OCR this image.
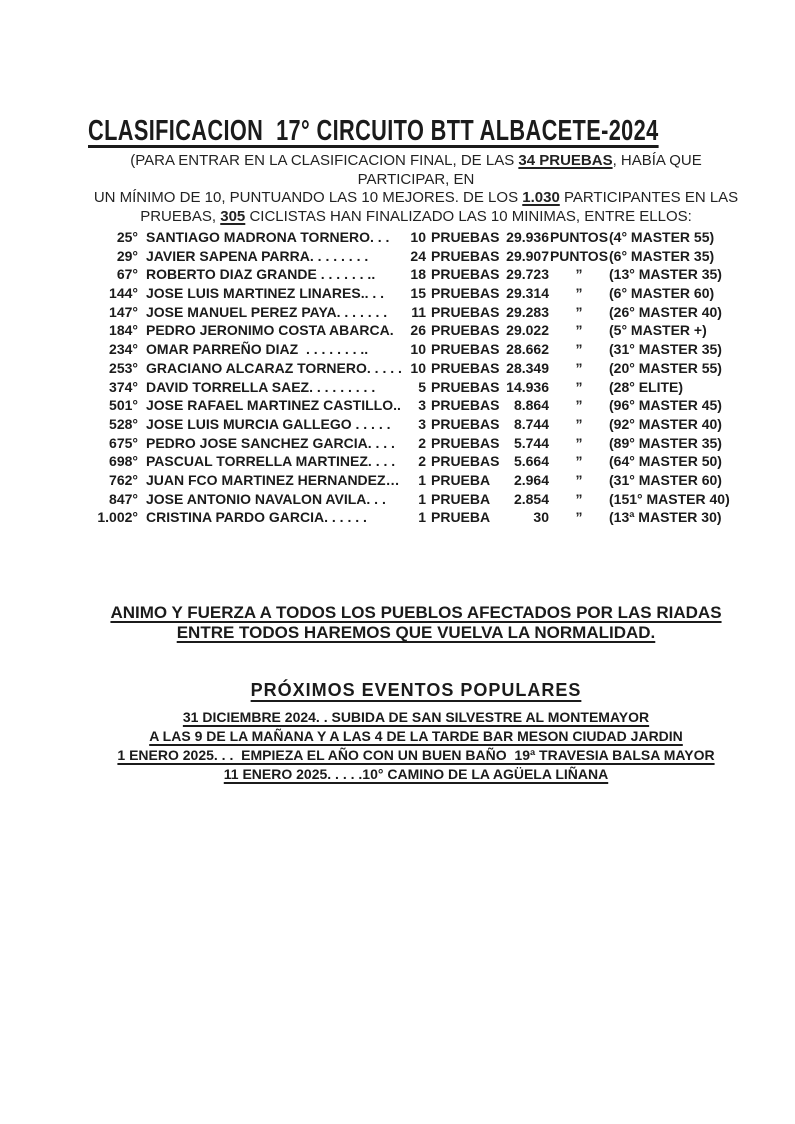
CLASIFICACION  17° CIRCUITO BTT ALBACETE-2024
(PARA ENTRAR EN LA CLASIFICACION FINAL, DE LAS 34 PRUEBAS, HABÍA QUE PARTICIPAR, EN
UN MÍNIMO DE 10, PUNTUANDO LAS 10 MEJORES. DE LOS 1.030 PARTICIPANTES EN LAS
PRUEBAS, 305 CICLISTAS HAN FINALIZADO LAS 10 MINIMAS, ENTRE ELLOS:
25° SANTIAGO MADRONA TORNERO. . .	10 PRUEBAS 29.936 PUNTOS (4° MASTER 55)
29° JAVIER SAPENA PARRA. . . . . . . .	24 PRUEBAS 29.907 PUNTOS (6° MASTER 35)
67° ROBERTO DIAZ GRANDE . . . . . . ..	18 PRUEBAS 29.723	”	(13° MASTER 35)
144° JOSE LUIS MARTINEZ LINARES.. . .	15 PRUEBAS 29.314	”	(6° MASTER 60)
147° JOSE MANUEL PEREZ PAYA. . . . . . .	11 PRUEBAS 29.283	”	(26° MASTER 40)
184° PEDRO JERONIMO COSTA ABARCA. 26 PRUEBAS 29.022	”	(5° MASTER +)
234° OMAR PARREÑO DIAZ  . . . . . . . ..	10 PRUEBAS 28.662	”	(31° MASTER 35)
253° GRACIANO ALCARAZ TORNERO. . . . . 10 PRUEBAS 28.349	”	(20° MASTER 55)
374° DAVID TORRELLA SAEZ. . . . . . . . .	5 PRUEBAS 14.936	”	(28° ELITE)
501° JOSE RAFAEL MARTINEZ CASTILLO.. 3 PRUEBAS	8.864	”	(96° MASTER 45)
528° JOSE LUIS MURCIA GALLEGO . . . . .	3 PRUEBAS	8.744	”	(92° MASTER 40)
675° PEDRO JOSE SANCHEZ GARCIA. . . .	2 PRUEBAS	5.744	”	(89° MASTER 35)
698° PASCUAL TORRELLA MARTINEZ. . . .	2 PRUEBAS	5.664	”	(64° MASTER 50)
762° JUAN FCO MARTINEZ HERNANDEZ…	1 PRUEBA	2.964	”	(31° MASTER 60)
847° JOSE ANTONIO NAVALON AVILA. . .	1 PRUEBA	2.854	”	(151° MASTER 40)
1.002° CRISTINA PARDO GARCIA. . . . . .	1 PRUEBA	30	”	(13ª MASTER 30)
ANIMO Y FUERZA A TODOS LOS PUEBLOS AFECTADOS POR LAS RIADAS
ENTRE TODOS HAREMOS QUE VUELVA LA NORMALIDAD.
PRÓXIMOS EVENTOS POPULARES
31 DICIEMBRE 2024. . SUBIDA DE SAN SILVESTRE AL MONTEMAYOR
A LAS 9 DE LA MAÑANA Y A LAS 4 DE LA TARDE BAR MESON CIUDAD JARDIN
1 ENERO 2025. . .  EMPIEZA EL AÑO CON UN BUEN BAÑO  19ª TRAVESIA BALSA MAYOR
11 ENERO 2025. . . . .10° CAMINO DE LA AGÜELA LIÑANA
